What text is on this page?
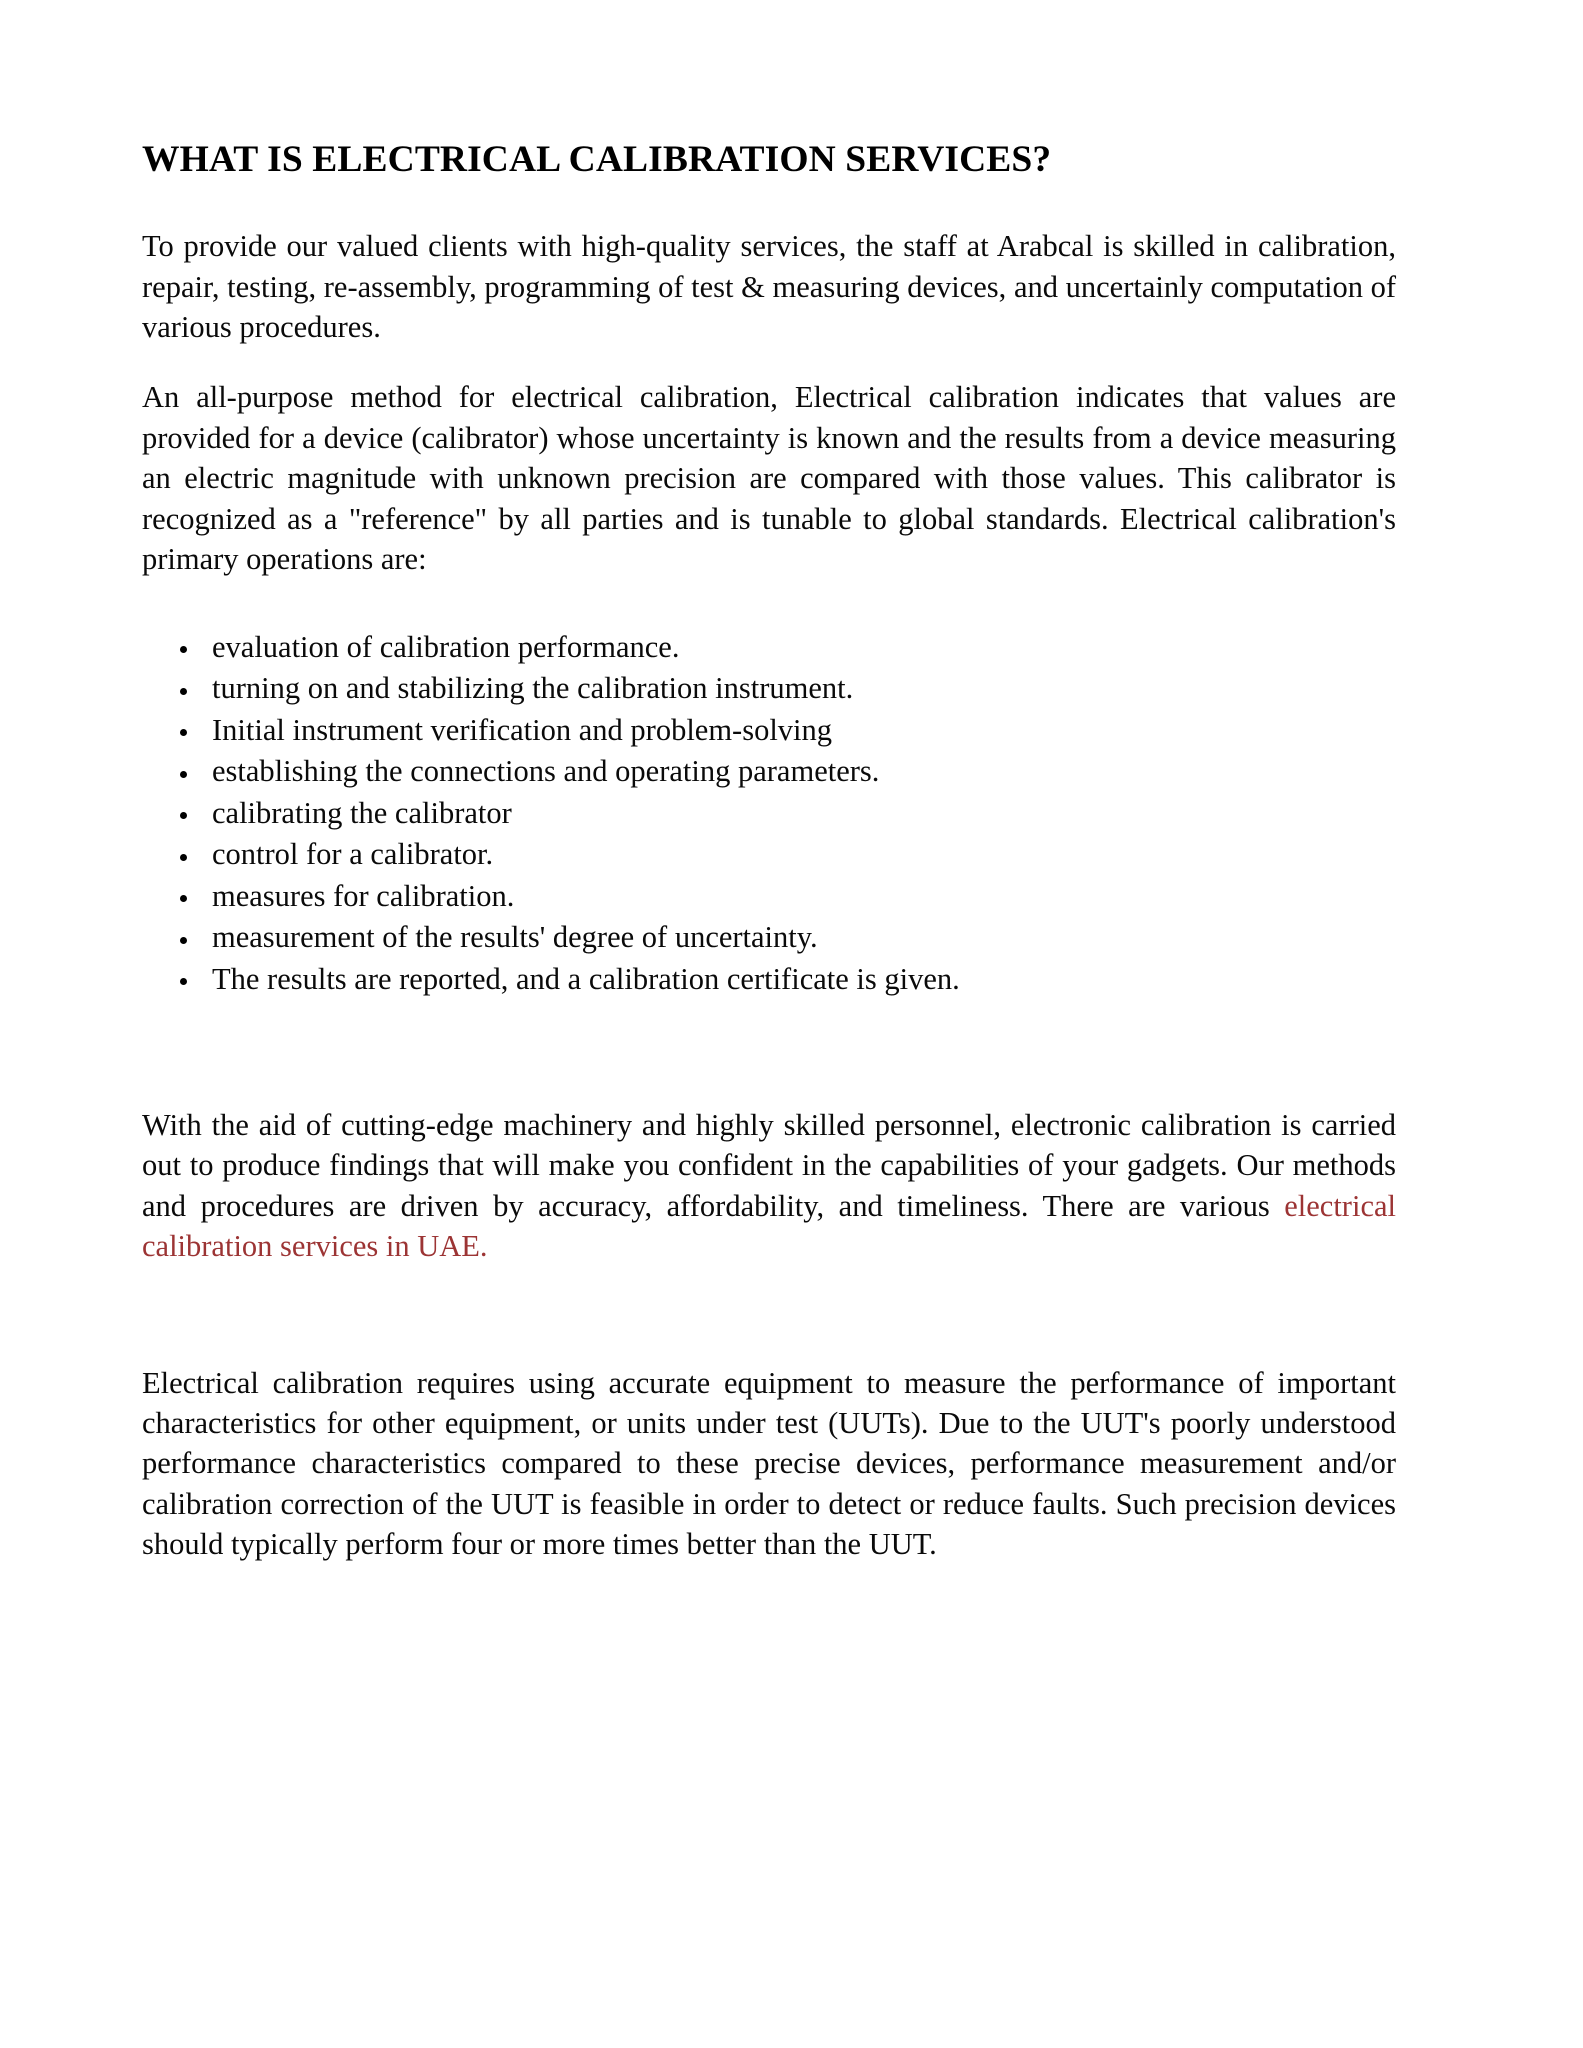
WHAT IS ELECTRICAL CALIBRATION SERVICES?

To provide our valued clients with high-quality services, the staff at Arabcal is skilled in calibration, repair, testing, re-assembly, programming of test & measuring devices, and uncertainly computation of various procedures.

An all-purpose method for electrical calibration, Electrical calibration indicates that values are provided for a device (calibrator) whose uncertainty is known and the results from a device measuring an electric magnitude with unknown precision are compared with those values. This calibrator is recognized as a "reference" by all parties and is tunable to global standards. Electrical calibration's primary operations are:

evaluation of calibration performance.
turning on and stabilizing the calibration instrument.
Initial instrument verification and problem-solving
establishing the connections and operating parameters.
calibrating the calibrator
control for a calibrator.
measures for calibration.
measurement of the results' degree of uncertainty.
The results are reported, and a calibration certificate is given.

With the aid of cutting-edge machinery and highly skilled personnel, electronic calibration is carried out to produce findings that will make you confident in the capabilities of your gadgets. Our methods and procedures are driven by accuracy, affordability, and timeliness. There are various electrical calibration services in UAE.

Electrical calibration requires using accurate equipment to measure the performance of important characteristics for other equipment, or units under test (UUTs). Due to the UUT's poorly understood performance characteristics compared to these precise devices, performance measurement and/or calibration correction of the UUT is feasible in order to detect or reduce faults. Such precision devices should typically perform four or more times better than the UUT.
